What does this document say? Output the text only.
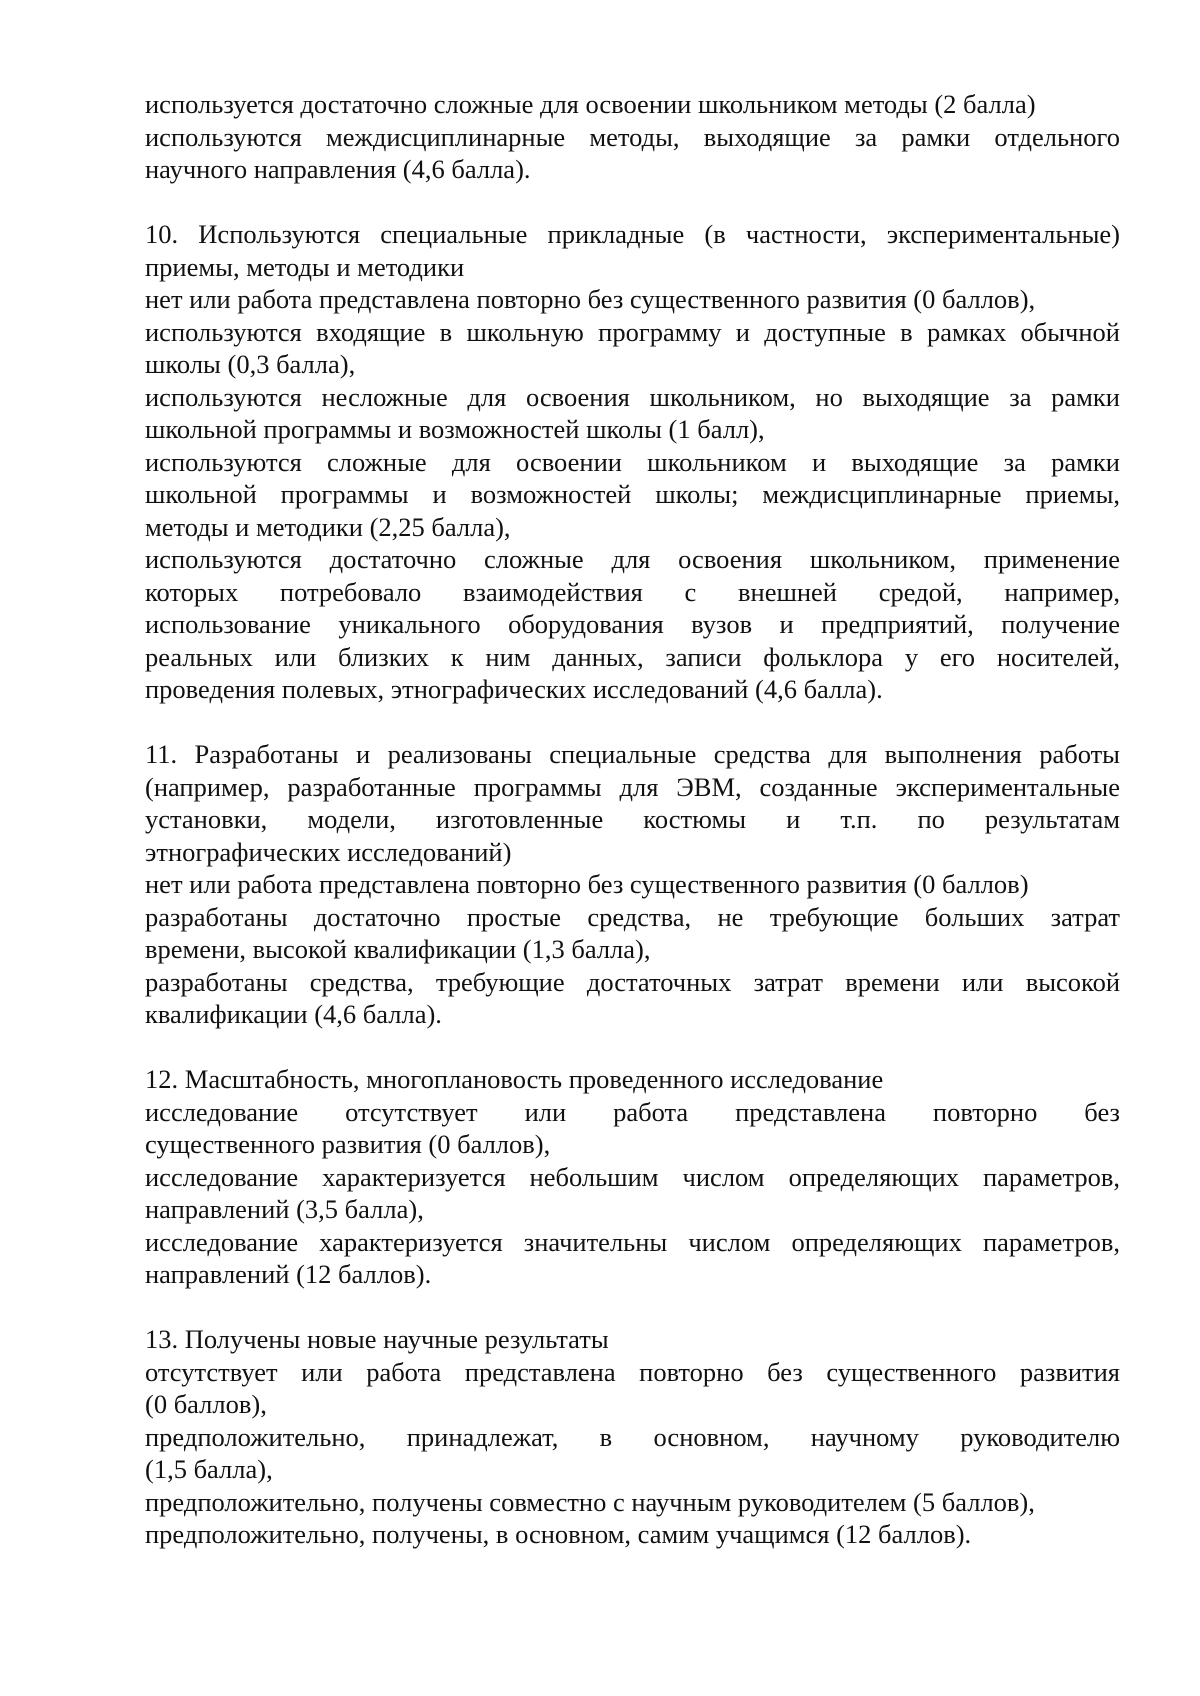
используется достаточно сложные для освоении школьником методы (2 балла)
используются междисциплинарные методы, выходящие за рамки отдельного
научного направления (4,6 балла).
10. Используются специальные прикладные (в частности, экспериментальные)
приемы, методы и методики
нет или работа представлена повторно без существенного развития (0 баллов),
используются входящие в школьную программу и доступные в рамках обычной
школы (0,3 балла),
используются несложные для освоения школьником, но выходящие за рамки
школьной программы и возможностей школы (1 балл),
используются сложные для освоении школьником и выходящие за рамки
школьной программы и возможностей школы; междисциплинарные приемы,
методы и методики (2,25 балла),
используются достаточно сложные для освоения школьником, применение
которых потребовало взаимодействия с внешней средой, например,
использование уникального оборудования вузов и предприятий, получение
реальных или близких к ним данных, записи фольклора у его носителей,
проведения полевых, этнографических исследований (4,6 балла).
11. Разработаны и реализованы специальные средства для выполнения работы
(например, разработанные программы для ЭВМ, созданные экспериментальные
установки, модели, изготовленные костюмы и т.п. по результатам
этнографических исследований)
нет или работа представлена повторно без существенного развития (0 баллов)
разработаны достаточно простые средства, не требующие больших затрат
времени, высокой квалификации (1,3 балла),
разработаны средства, требующие достаточных затрат времени или высокой
квалификации (4,6 балла).
12. Масштабность, многоплановость проведенного исследование
исследование отсутствует или работа представлена повторно без
существенного развития (0 баллов),
исследование характеризуется небольшим числом определяющих параметров,
направлений (3,5 балла),
исследование характеризуется значительны числом определяющих параметров,
направлений (12 баллов).
13. Получены новые научные результаты
отсутствует или работа представлена повторно без существенного развития
(0 баллов),
предположительно, принадлежат, в основном, научному руководителю
(1,5 балла),
предположительно, получены совместно с научным руководителем (5 баллов),
предположительно, получены, в основном, самим учащимся (12 баллов).
